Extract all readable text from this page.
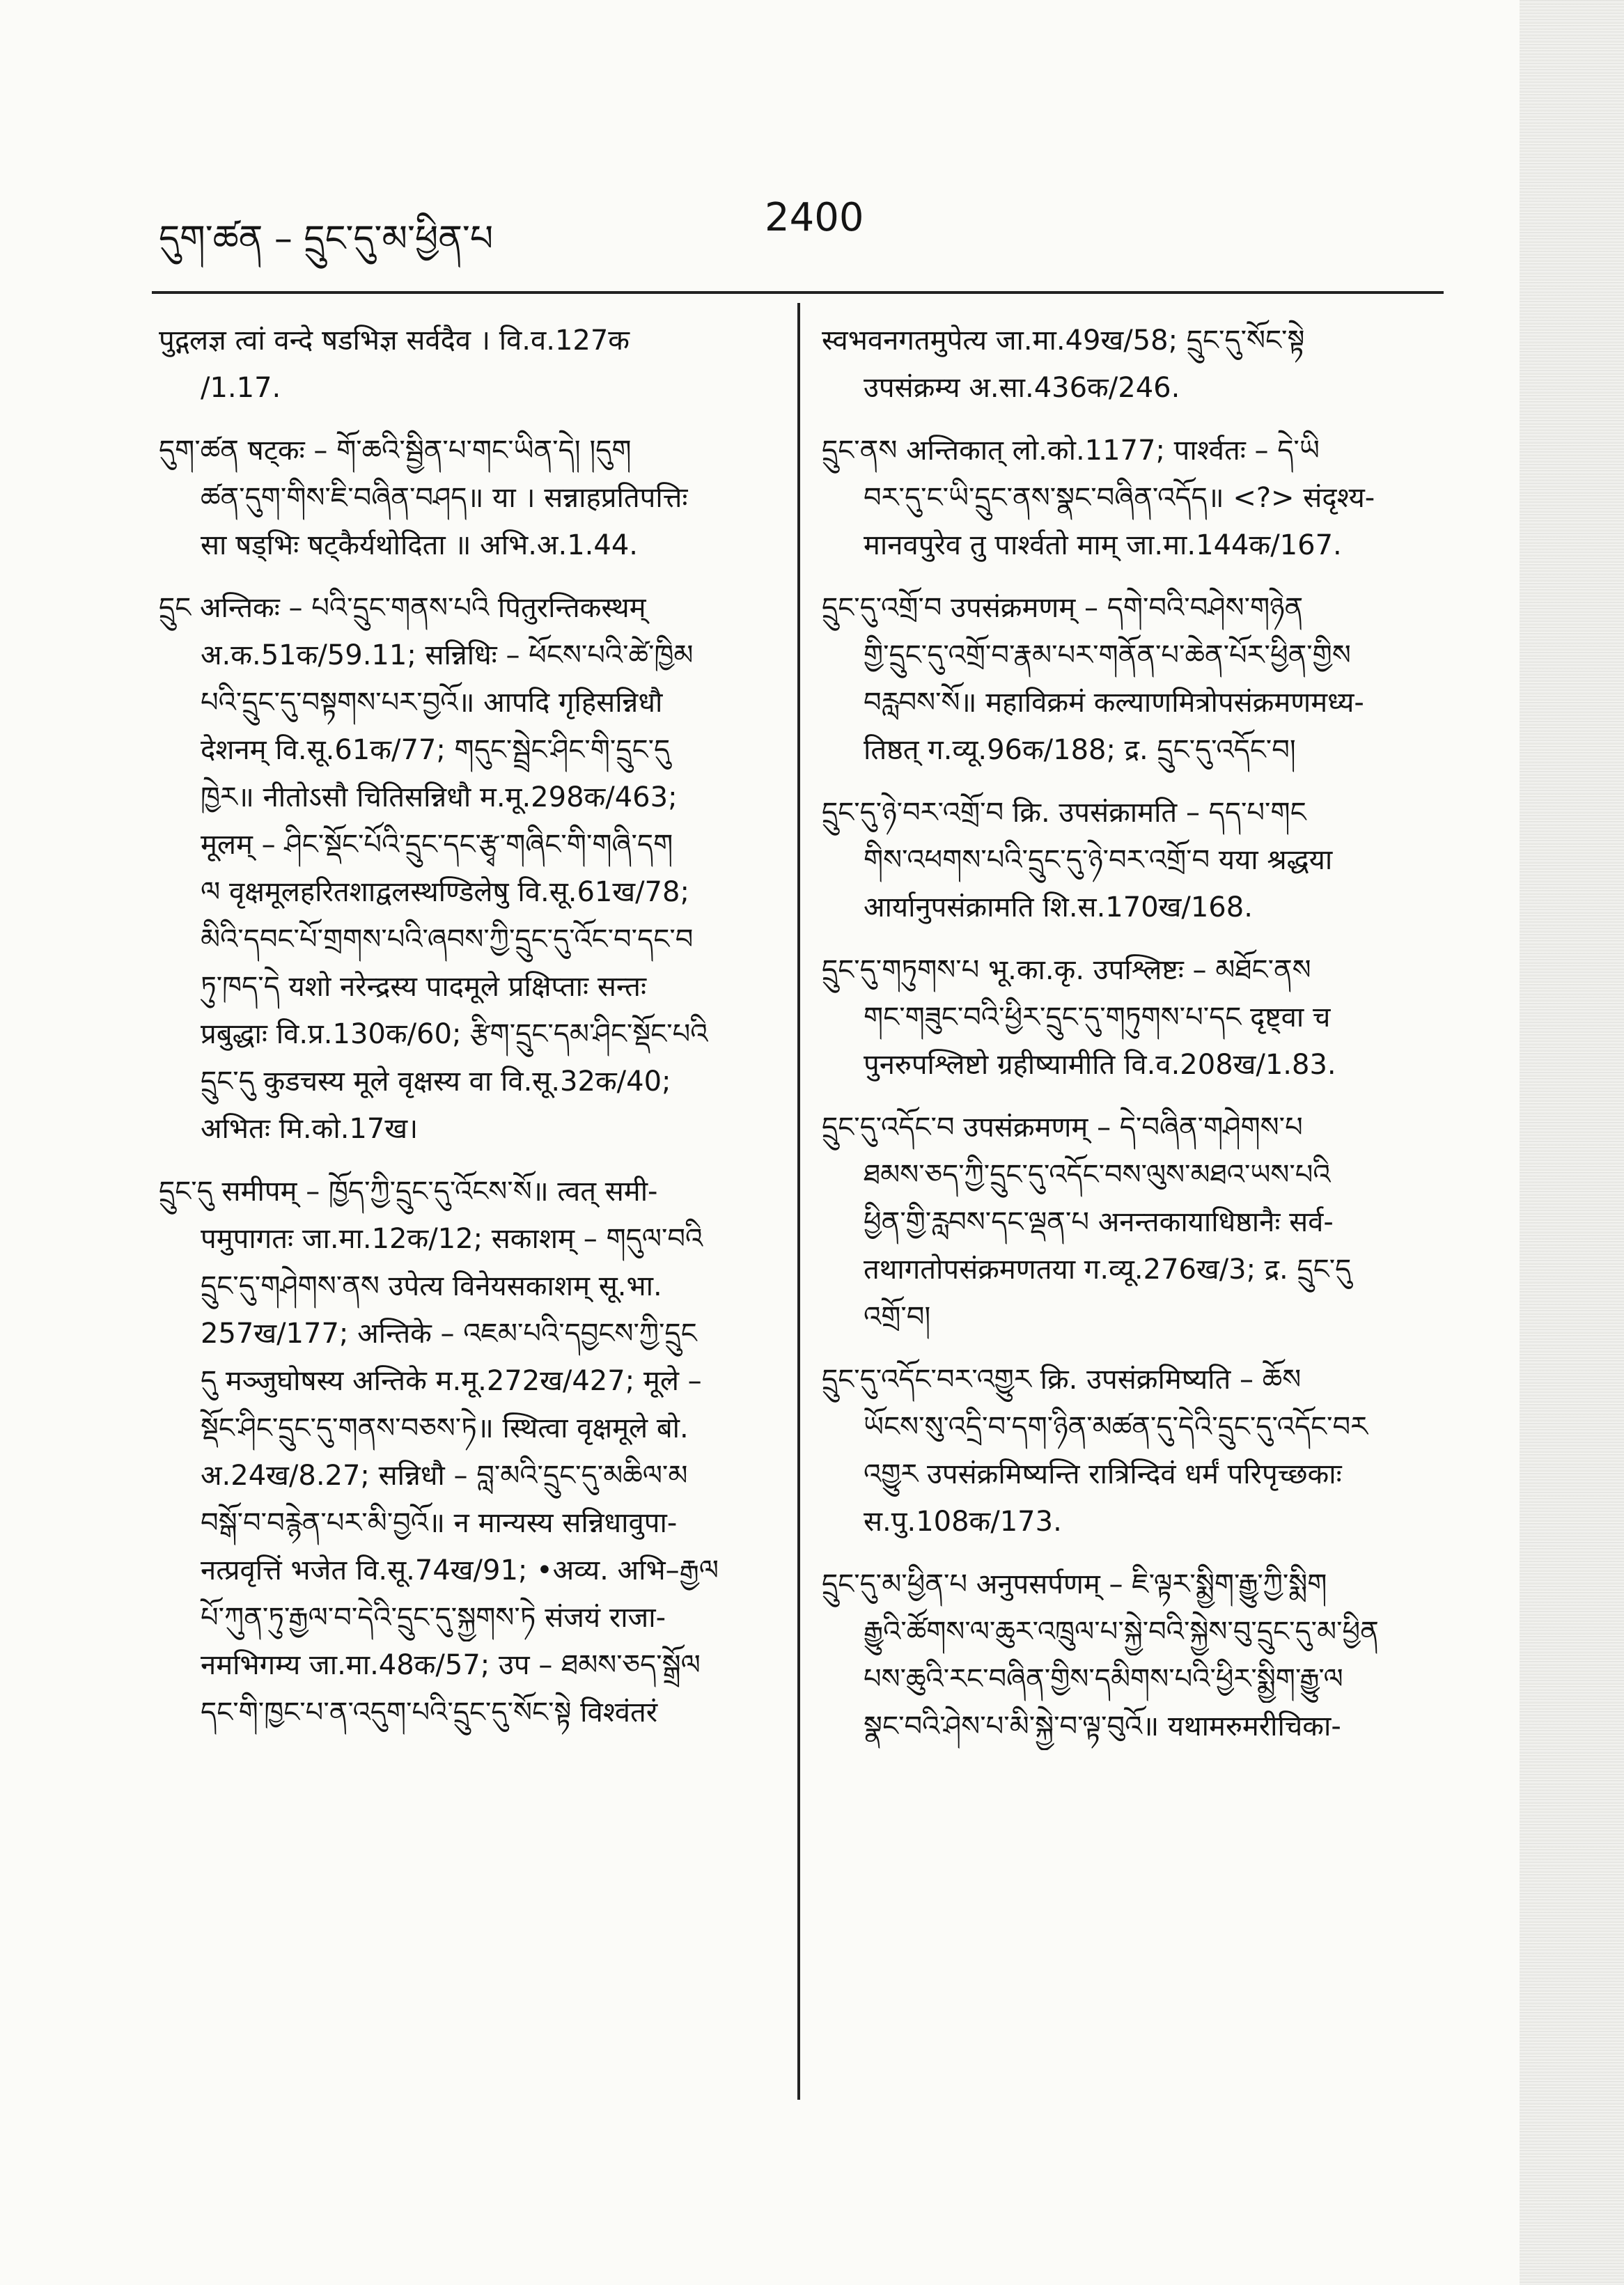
དུག་ཚན – དྲུང་དུ་མ་ཕྱིན་པ	2400
पुद्गलज्ञ त्वां वन्दे षडभिज्ञ सर्वदैव । वि.व.127क
/1.17.
དུག་ཚན षट्कः – གོ་ཆའི་སྦྱིན་པ་གང་ཡིན་དེ། །དུག
ཚན་དུག་གིས་ཇི་བཞིན་བཤད॥ या । सन्नाहप्रतिपत्तिः
सा षड्भिः षट्कैर्यथोदिता ॥ अभि.अ.1.44.
དྲུང अन्तिकः – པའི་དྲུང་གནས་པའི पितुरन्तिकस्थम्
अ.क.51क/59.11; सन्निधिः – ཕོངས་པའི་ཚེ་ཁྱིམ
པའི་དྲུང་དུ་བསྟགས་པར་བྱའོ॥ आपदि गृहिसन्निधौ
देशनम् वि.सू.61क/77; གདུང་སྦྲེང་ཤིང་གི་དྲུང་དུ
ཁྱེར॥ नीतोऽसौ चितिसन्निधौ म.मू.298क/463;
मूलम् – ཤིང་སྡོང་པོའི་དྲུང་དང་རྩྭ་གཞིང་གི་གཞི་དག
ལ वृक्षमूलहरितशाद्वलस्थण्डिलेषु वि.सू.61ख/78;
མིའི་དབང་པོ་གྲགས་པའི་ཞབས་ཀྱི་དྲུང་དུ་འོང་བ་དང་བ
ཏུ་ཁད་དེ यशो नरेन्द्रस्य पादमूले प्रक्षिप्ताः सन्तः
प्रबुद्धाः वि.प्र.130क/60; རྩིག་དྲུང་དམ་ཤིང་སྡོང་པའི
དྲུང་དུ कुडचस्य मूले वृक्षस्य वा वि.सू.32क/40;
अभितः मि.को.17ख।
དྲུང་དུ समीपम् – ཁྱོད་ཀྱི་དྲུང་དུ་འོངས་སོ॥ त्वत् समी-
पमुपागतः जा.मा.12क/12; सकाशम् – གདུལ་བའི
དྲུང་དུ་གཤེགས་ནས उपेत्य विनेयसकाशम् सू.भा.
257ख/177; अन्तिके – འཇམ་པའི་དབྱངས་ཀྱི་དྲུང
དུ मञ्जुघोषस्य अन्तिके म.मू.272ख/427; मूले –
སྡོང་ཤིང་དྲུང་དུ་གནས་བཅས་ཏེ॥ स्थित्वा वृक्षमूले बो.
अ.24ख/8.27; सन्निधौ – བླ་མའི་དྲུང་དུ་མཆིལ་མ
བསྒོ་བ་བརྙེན་པར་མི་བྱའོ॥ न मान्यस्य सन्निधावुपा-
नत्प्रवृत्तिं भजेत वि.सू.74ख/91; •अव्य. अभि–རྒྱལ
པོ་ཀུན་ཏུ་རྒྱལ་བ་དེའི་དྲུང་དུ་སྐྱགས་ཏེ संजयं राजा-
नमभिगम्य जा.मा.48क/57; उप – ཐམས་ཅད་སྒྲོལ
དང་གི་ཁྱང་པ་ན་འདུག་པའི་དྲུང་དུ་སོང་སྟེ विश्वंतरं
स्वभवनगतमुपेत्य जा.मा.49ख/58; དྲུང་དུ་སོང་སྟེ
उपसंक्रम्य अ.सा.436क/246.
དྲུང་ནས अन्तिकात् लो.को.1177; पार्श्वतः – དེ་ཡི
བར་དུ་ང་ཡི་དྲུང་ནས་སྣང་བཞིན་འདོད॥ <?> संदृश्य-
मानवपुरेव तु पार्श्वतो माम् जा.मा.144क/167.
དྲུང་དུ་འགྲོ་བ उपसंक्रमणम् – དགེ་བའི་བཤེས་གཉེན
གྱི་དྲུང་དུ་འགྲོ་བ་རྣམ་པར་གནོན་པ་ཆེན་པོར་ཕྱིན་གྱིས
བརླབས་སོ॥ महाविक्रमं कल्याणमित्रोपसंक्रमणमध्य-
तिष्ठत् ग.व्यू.96क/188; द्र. དྲུང་དུ་འདོང་བ།
དྲུང་དུ་ཉེ་བར་འགྲོ་བ क्रि. उपसंक्रामति – དད་པ་གང
གིས་འཕགས་པའི་དྲུང་དུ་ཉེ་བར་འགྲོ་བ यया श्रद्धया
आर्यानुपसंक्रामति शि.स.170ख/168.
དྲུང་དུ་གཏུགས་པ भू.का.कृ. उपश्लिष्टः – མཐོང་ནས
གང་གཟུང་བའི་ཕྱིར་དྲུང་དུ་གཏུགས་པ་དང दृष्ट्वा च
पुनरुपश्लिष्टो ग्रहीष्यामीति वि.व.208ख/1.83.
དྲུང་དུ་འདོང་བ उपसंक्रमणम् – དེ་བཞིན་གཤེགས་པ
ཐམས་ཅད་ཀྱི་དྲུང་དུ་འདོང་བས་ལུས་མཐའ་ཡས་པའི
ཕྱིན་གྱི་རླབས་དང་ལྡན་པ अनन्तकायाधिष्ठानैः सर्व-
तथागतोपसंक्रमणतया ग.व्यू.276ख/3; द्र. དྲུང་དུ
འགྲོ་བ།
དྲུང་དུ་འདོང་བར་འགྱུར क्रि. उपसंक्रमिष्यति – ཆོས
ཡོངས་སུ་འདྲི་བ་དག་ཉིན་མཚན་དུ་དེའི་དྲུང་དུ་འདོང་བར
འགྱུར उपसंक्रमिष्यन्ति रात्रिन्दिवं धर्मं परिपृच्छकाः
स.पु.108क/173.
དྲུང་དུ་མ་ཕྱིན་པ अनुपसर्पणम् – ཇི་ལྟར་སྨྱིག་རྒྱུ་ཀྱི་སྨིག
རྒྱུའི་ཚོགས་ལ་ཆུར་འཁྲུལ་པ་སྐྱེ་བའི་སྐྱེས་བུ་དྲུང་དུ་མ་ཕྱིན
པས་ཆུའི་རང་བཞིན་གྱིས་དམིགས་པའི་ཕྱིར་སྨྱིག་རྒྱུ་ལ
སྣང་བའི་ཤེས་པ་མི་སྐྱེ་བ་ལྟ་བུའོ॥ यथामरुमरीचिका-
